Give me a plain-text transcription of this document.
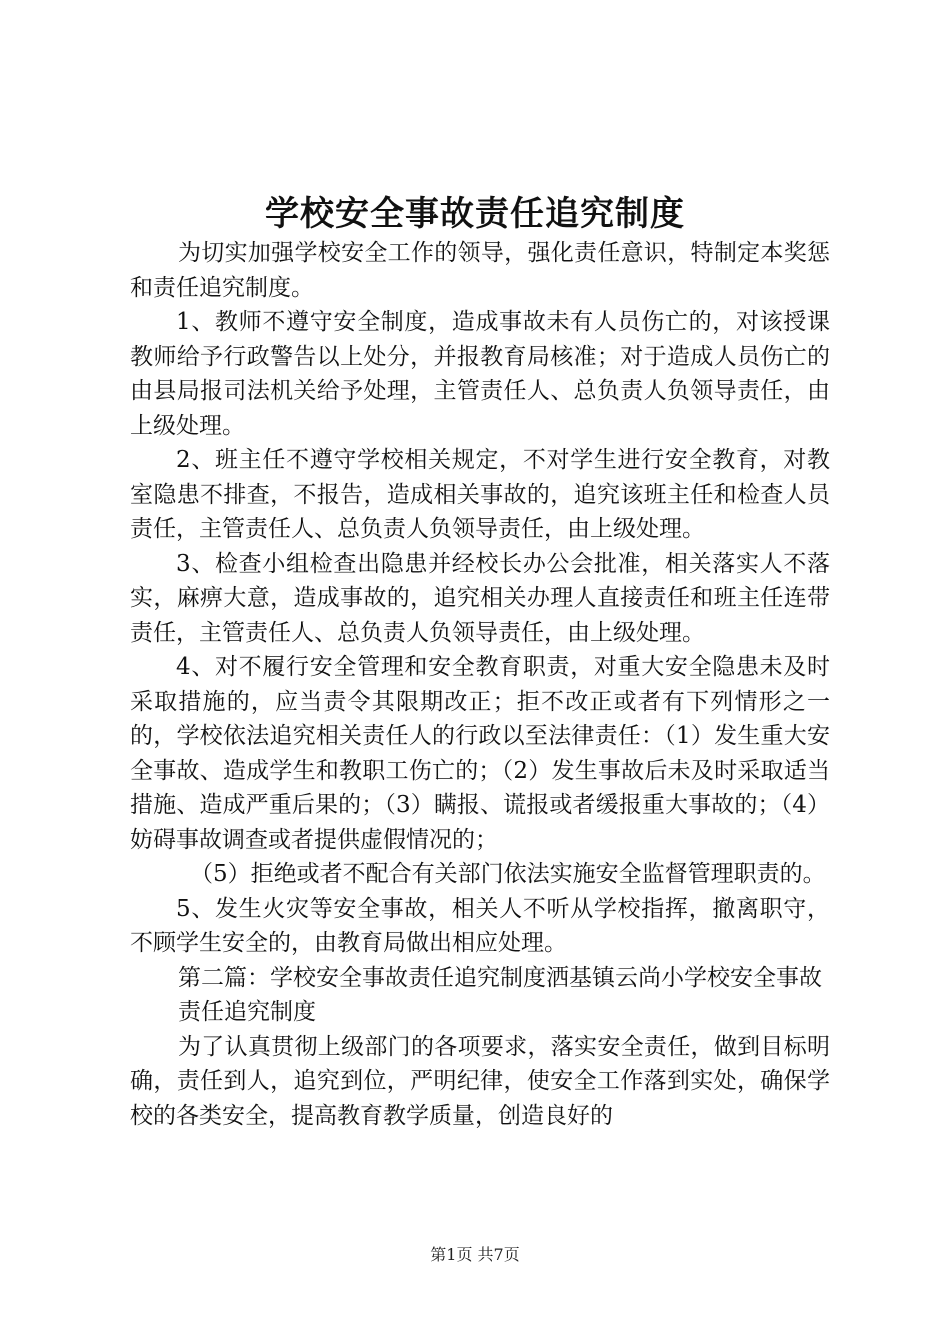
学校安全事故责任追究制度

为切实加强学校安全工作的领导，强化责任意识，特制定本奖惩和责任追究制度。

1、教师不遵守安全制度，造成事故未有人员伤亡的，对该授课教师给予行政警告以上处分，并报教育局核准；对于造成人员伤亡的由县局报司法机关给予处理，主管责任人、总负责人负领导责任，由上级处理。

2、班主任不遵守学校相关规定，不对学生进行安全教育，对教室隐患不排查，不报告，造成相关事故的，追究该班主任和检查人员责任，主管责任人、总负责人负领导责任，由上级处理。

3、检查小组检查出隐患并经校长办公会批准，相关落实人不落实，麻痹大意，造成事故的，追究相关办理人直接责任和班主任连带责任，主管责任人、总负责人负领导责任，由上级处理。

4、对不履行安全管理和安全教育职责，对重大安全隐患未及时采取措施的，应当责令其限期改正；拒不改正或者有下列情形之一的，学校依法追究相关责任人的行政以至法律责任：（1）发生重大安全事故、造成学生和教职工伤亡的；（2）发生事故后未及时采取适当措施、造成严重后果的；（3）瞒报、谎报或者缓报重大事故的；（4）妨碍事故调查或者提供虚假情况的；

（5）拒绝或者不配合有关部门依法实施安全监督管理职责的。

5、发生火灾等安全事故，相关人不听从学校指挥，撤离职守，不顾学生安全的，由教育局做出相应处理。

第二篇：学校安全事故责任追究制度洒基镇云尚小学校安全事故

责任追究制度

为了认真贯彻上级部门的各项要求，落实安全责任，做到目标明确，责任到人，追究到位，严明纪律，使安全工作落到实处，确保学校的各类安全，提高教育教学质量，创造良好的

第1页 共7页
